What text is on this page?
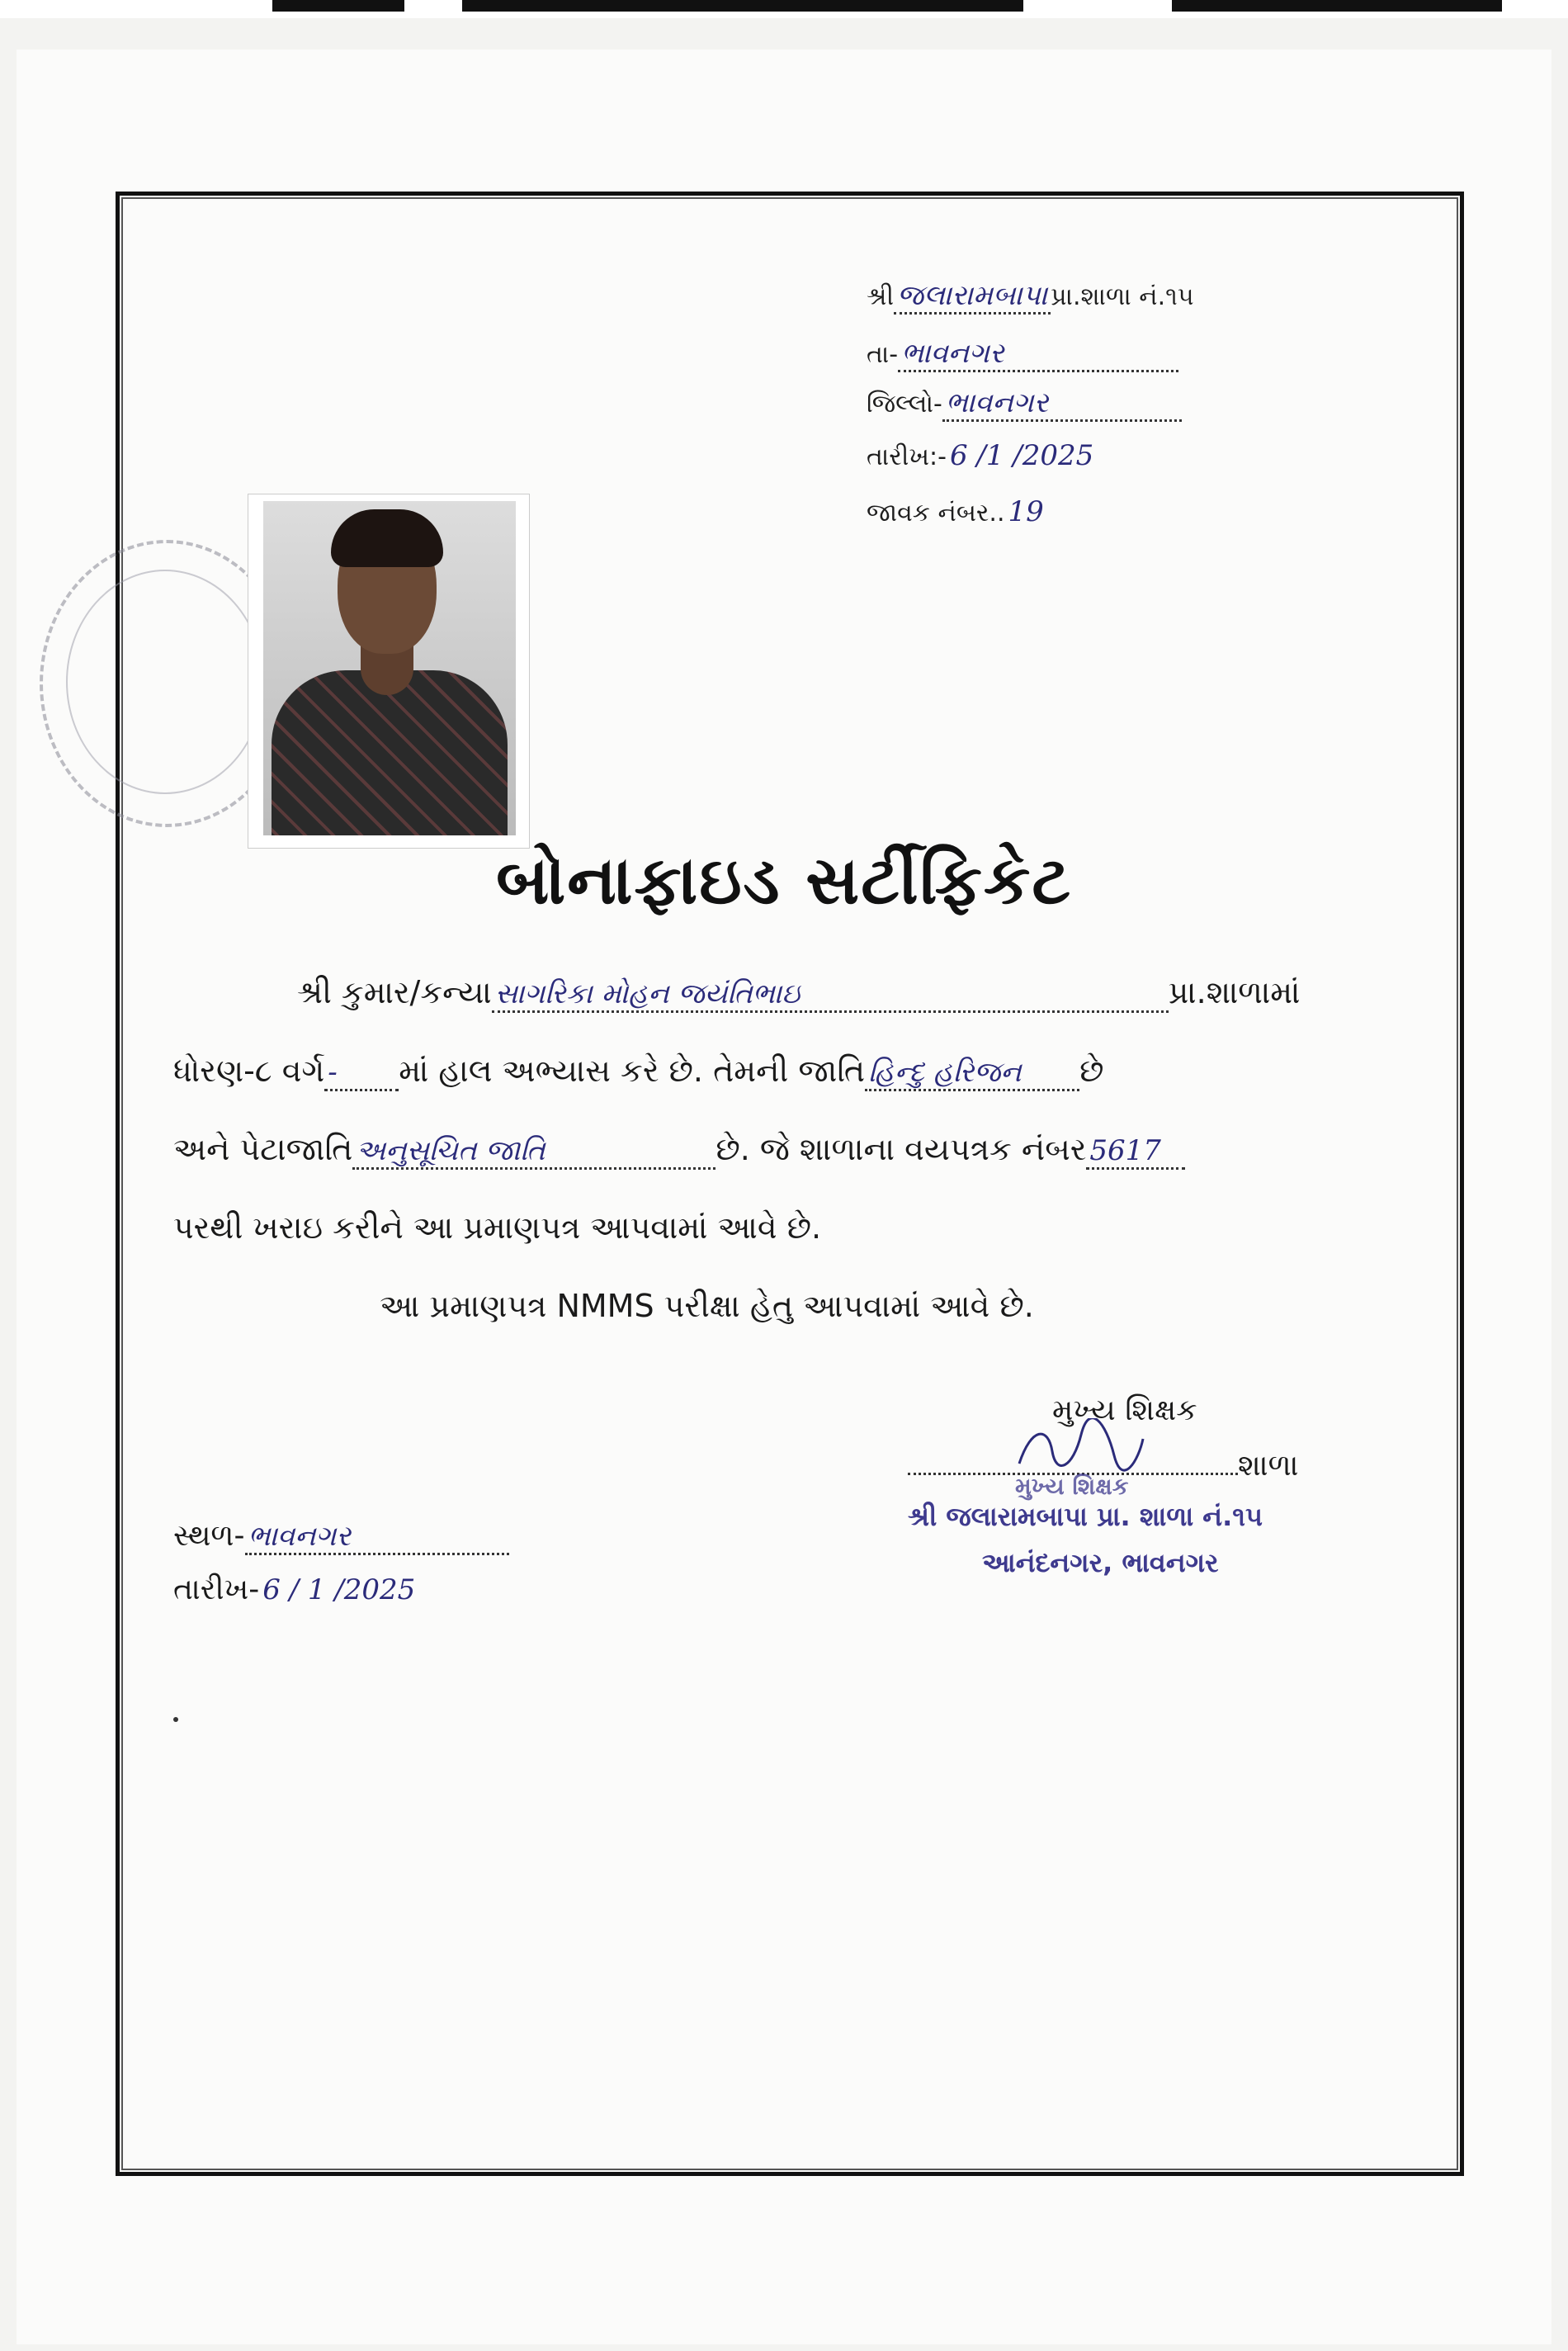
શ્રી જલારામબાપા પ્રા.શાળા નં.૧૫
તા- ભાવનગર
જિલ્લો- ભાવનગર
તારીખ:- 6 /1 /2025
જાવક નંબર.. 19
બોનાફાઇડ સર્ટીફિકેટ
શ્રી કુમાર/કન્યા સાગરિકા મોહન જયંતિભાઇ	પ્રા.શાળામાં
ધોરણ-૮ વર્ગ - માં હાલ અભ્યાસ કરે છે. તેમની જાતિ હિન્દુ હરિજન છે
અને પેટાજાતિ અનુસૂચિત જાતિ	છે. જે શાળાના વયપત્રક નંબર 5617
પરથી ખરાઇ કરીને આ પ્રમાણપત્ર આપવામાં આવે છે.
આ પ્રમાણપત્ર NMMS પરીક્ષા હેતુ આપવામાં આવે છે.
મુખ્ય શિક્ષક
શાળા
મુખ્ય શિક્ષક
શ્રી જલારામબાપા પ્રા. શાળા નં.૧૫
આનંદનગર, ભાવનગર
સ્થળ- ભાવનગર
તારીખ- 6 / 1 /2025
